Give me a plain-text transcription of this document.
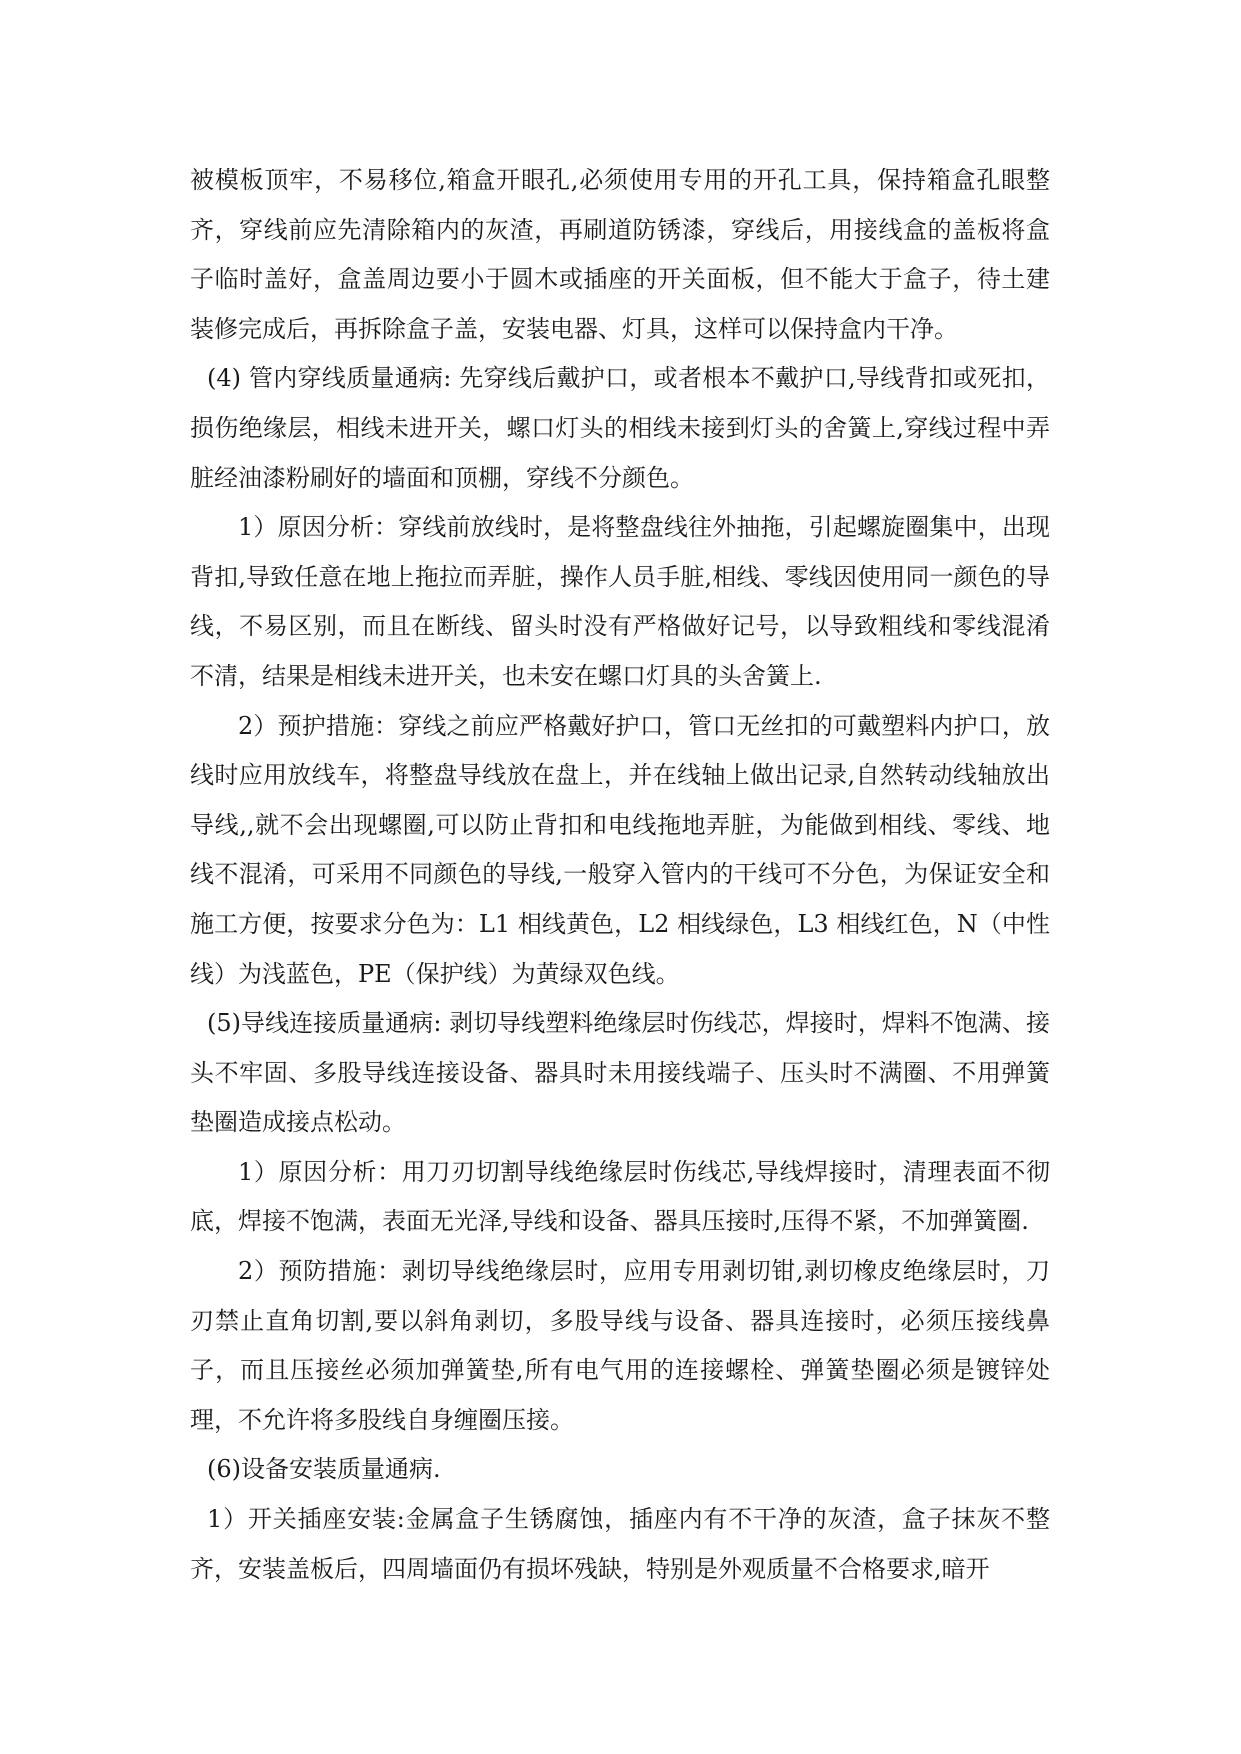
被模板顶牢，不易移位,箱盒开眼孔,必须使用专用的开孔工具，保持箱盒孔眼整齐，穿线前应先清除箱内的灰渣，再刷道防锈漆，穿线后，用接线盒的盖板将盒子临时盖好，盒盖周边要小于圆木或插座的开关面板，但不能大于盒子，待土建装修完成后，再拆除盒子盖，安装电器、灯具，这样可以保持盒内干净。

(4) 管内穿线质量通病: 先穿线后戴护口，或者根本不戴护口,导线背扣或死扣，损伤绝缘层，相线未进开关，螺口灯头的相线未接到灯头的舍簧上,穿线过程中弄脏经油漆粉刷好的墙面和顶棚，穿线不分颜色。

1）原因分析：穿线前放线时，是将整盘线往外抽拖，引起螺旋圈集中，出现背扣,导致任意在地上拖拉而弄脏，操作人员手脏,相线、零线因使用同一颜色的导线，不易区别，而且在断线、留头时没有严格做好记号，以导致粗线和零线混淆不清，结果是相线未进开关，也未安在螺口灯具的头舍簧上.

2）预护措施：穿线之前应严格戴好护口，管口无丝扣的可戴塑料内护口，放线时应用放线车，将整盘导线放在盘上，并在线轴上做出记录,自然转动线轴放出导线,,就不会出现螺圈,可以防止背扣和电线拖地弄脏，为能做到相线、零线、地线不混淆，可采用不同颜色的导线,一般穿入管内的干线可不分色，为保证安全和施工方便，按要求分色为：L1 相线黄色，L2 相线绿色，L3 相线红色，N（中性线）为浅蓝色，PE（保护线）为黄绿双色线。

(5)导线连接质量通病: 剥切导线塑料绝缘层时伤线芯，焊接时，焊料不饱满、接头不牢固、多股导线连接设备、器具时未用接线端子、压头时不满圈、不用弹簧垫圈造成接点松动。

1）原因分析：用刀刃切割导线绝缘层时伤线芯,导线焊接时，清理表面不彻底，焊接不饱满，表面无光泽,导线和设备、器具压接时,压得不紧，不加弹簧圈.

2）预防措施：剥切导线绝缘层时，应用专用剥切钳,剥切橡皮绝缘层时，刀刃禁止直角切割,要以斜角剥切，多股导线与设备、器具连接时，必须压接线鼻子，而且压接丝必须加弹簧垫,所有电气用的连接螺栓、弹簧垫圈必须是镀锌处理，不允许将多股线自身缠圈压接。

(6)设备安装质量通病.

1）开关插座安装:金属盒子生锈腐蚀，插座内有不干净的灰渣，盒子抹灰不整齐，安装盖板后，四周墙面仍有损坏残缺，特别是外观质量不合格要求,暗开
